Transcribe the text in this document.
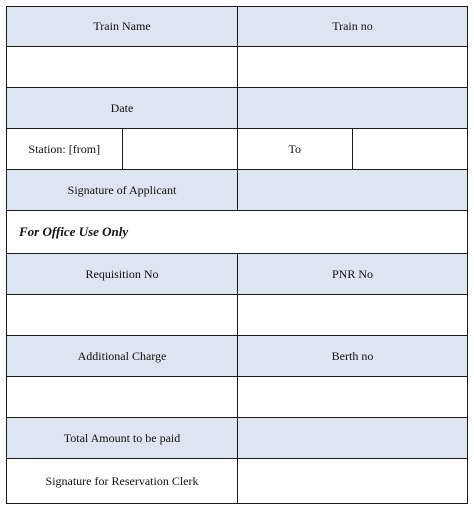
Train Name	Train no
Date
Station: [from]	To
Signature of Applicant
For Office Use Only
Requisition No	PNR No
Additional Charge	Berth no
Total Amount to be paid
Signature for Reservation Clerk
